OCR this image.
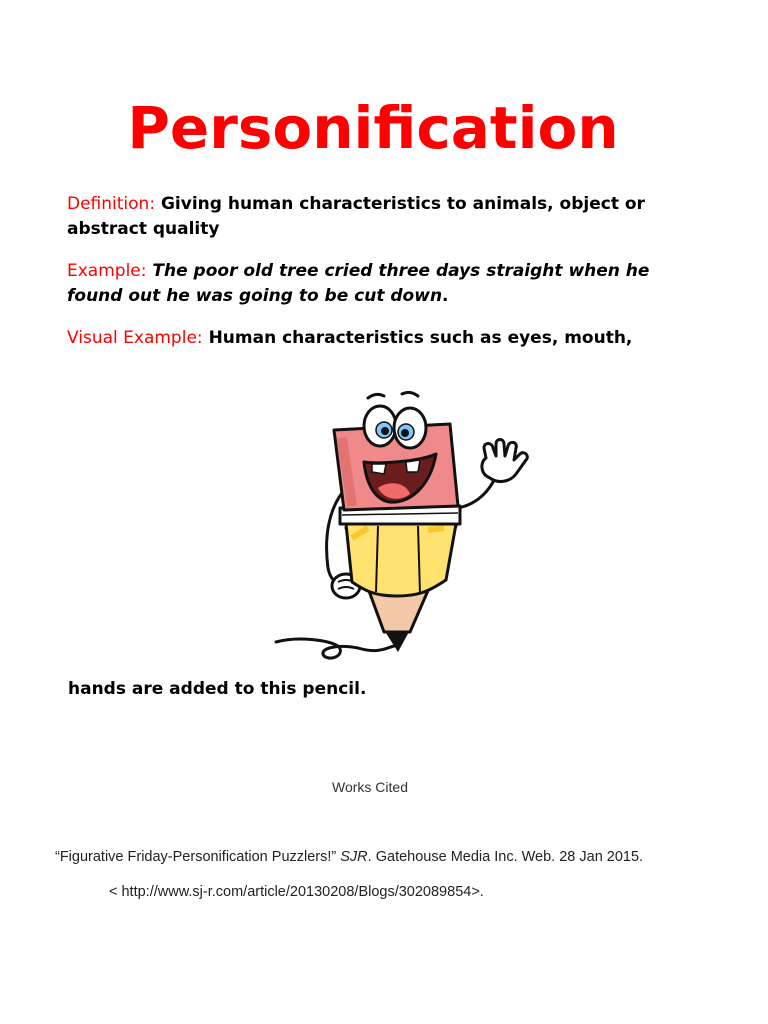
Personification

Definition: Giving human characteristics to animals, object or abstract quality

Example: The poor old tree cried three days straight when he found out he was going to be cut down.

Visual Example: Human characteristics such as eyes, mouth,

hands are added to this pencil.

Works Cited

“Figurative Friday-Personification Puzzlers!” SJR. Gatehouse Media Inc. Web. 28 Jan 2015.

< http://www.sj-r.com/article/20130208/Blogs/302089854>.
